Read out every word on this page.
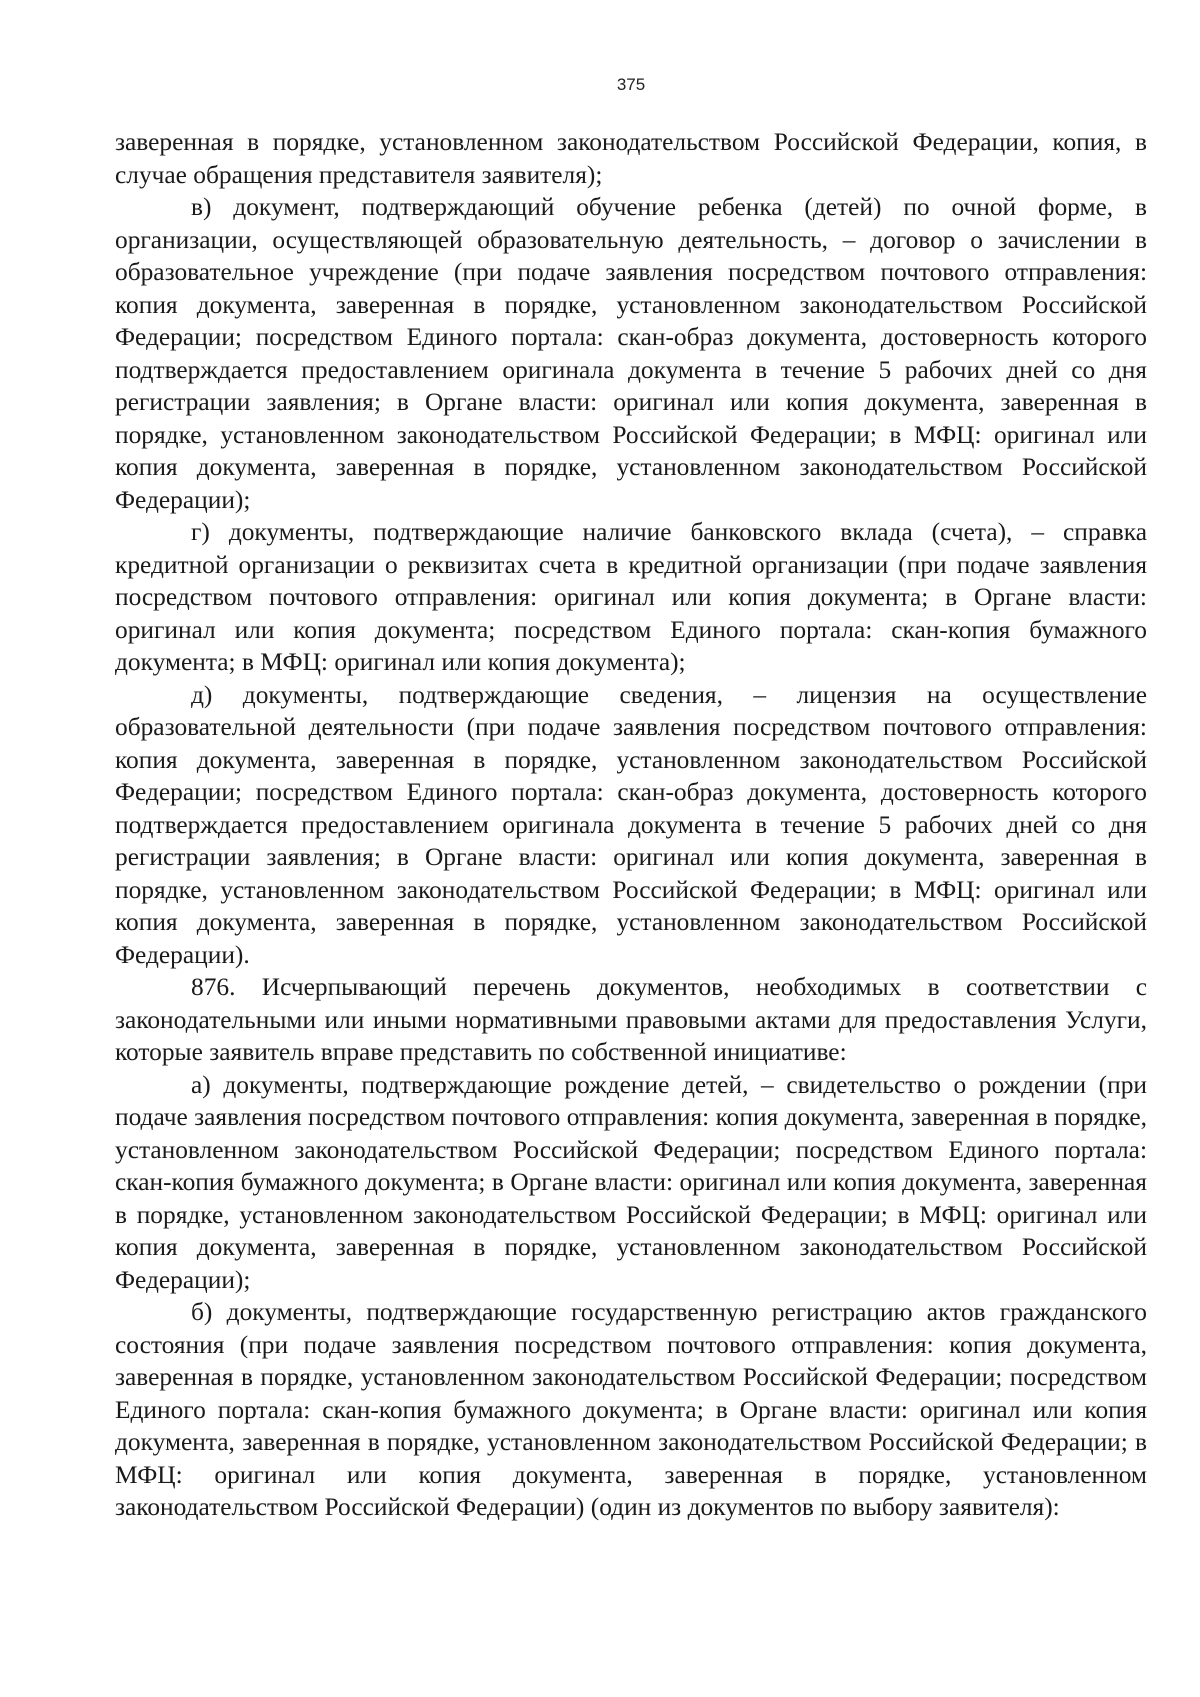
375

заверенная в порядке, установленном законодательством Российской Федерации, копия, в случае обращения представителя заявителя);

в) документ, подтверждающий обучение ребенка (детей) по очной форме, в организации, осуществляющей образовательную деятельность, – договор о зачислении в образовательное учреждение (при подаче заявления посредством почтового отправления: копия документа, заверенная в порядке, установленном законодательством Российской Федерации; посредством Единого портала: скан-образ документа, достоверность которого подтверждается предоставлением оригинала документа в течение 5 рабочих дней со дня регистрации заявления; в Органе власти: оригинал или копия документа, заверенная в порядке, установленном законодательством Российской Федерации; в МФЦ: оригинал или копия документа, заверенная в порядке, установленном законодательством Российской Федерации);

г) документы, подтверждающие наличие банковского вклада (счета), – справка кредитной организации о реквизитах счета в кредитной организации (при подаче заявления посредством почтового отправления: оригинал или копия документа; в Органе власти: оригинал или копия документа; посредством Единого портала: скан-копия бумажного документа; в МФЦ: оригинал или копия документа);

д) документы, подтверждающие сведения, – лицензия на осуществление образовательной деятельности (при подаче заявления посредством почтового отправления: копия документа, заверенная в порядке, установленном законодательством Российской Федерации; посредством Единого портала: скан-образ документа, достоверность которого подтверждается предоставлением оригинала документа в течение 5 рабочих дней со дня регистрации заявления; в Органе власти: оригинал или копия документа, заверенная в порядке, установленном законодательством Российской Федерации; в МФЦ: оригинал или копия документа, заверенная в порядке, установленном законодательством Российской Федерации).

876. Исчерпывающий перечень документов, необходимых в соответствии с законодательными или иными нормативными правовыми актами для предоставления Услуги, которые заявитель вправе представить по собственной инициативе:

а) документы, подтверждающие рождение детей, – свидетельство о рождении (при подаче заявления посредством почтового отправления: копия документа, заверенная в порядке, установленном законодательством Российской Федерации; посредством Единого портала: скан-копия бумажного документа; в Органе власти: оригинал или копия документа, заверенная в порядке, установленном законодательством Российской Федерации; в МФЦ: оригинал или копия документа, заверенная в порядке, установленном законодательством Российской Федерации);

б) документы, подтверждающие государственную регистрацию актов гражданского состояния (при подаче заявления посредством почтового отправления: копия документа, заверенная в порядке, установленном законодательством Российской Федерации; посредством Единого портала: скан-копия бумажного документа; в Органе власти: оригинал или копия документа, заверенная в порядке, установленном законодательством Российской Федерации; в МФЦ: оригинал или копия документа, заверенная в порядке, установленном законодательством Российской Федерации) (один из документов по выбору заявителя):
